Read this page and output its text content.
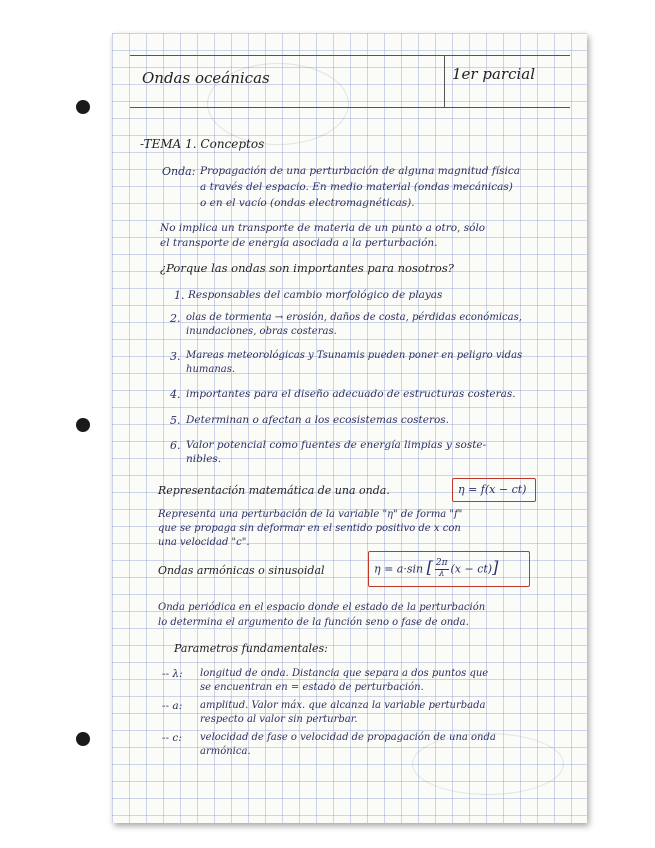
Ondas oceánicas	1er parcial
-TEMA 1. Conceptos
Onda: Propagación de una perturbación de alguna magnitud física
a través del espacio. En medio material (ondas mecánicas)
o en el vacío (ondas electromagnéticas).
No implica un transporte de materia de un punto a otro, sólo
el transporte de energía asociada a la perturbación.
¿Porque las ondas son importantes para nosotros?
1. Responsables del cambio morfológico de playas
2. olas de tormenta → erosión, daños de costa, pérdidas económicas,
inundaciones, obras costeras.
3. Mareas meteorológicas y Tsunamis pueden poner en peligro vidas
humanas.
4. importantes para el diseño adecuado de estructuras costeras.
5. Determinan o afectan a los ecosistemas costeros.
6. Valor potencial como fuentes de energía limpias y soste-
nibles.
Representación matemática de una onda.	η = f(x − ct)
Representa una perturbación de la variable "η" de forma "f"
que se propaga sin deformar en el sentido positivo de x con
una velocidad "c".
Ondas armónicas o sinusoidal	η = a·sin [ $\frac{2\pi}{\lambda} (x - ct)$]
Onda periódica en el espacio donde el estado de la perturbación
lo determina el argumento de la función seno o fase de onda.
Parametros fundamentales:
-- λ: longitud de onda. Distancia que separa a dos puntos que
se encuentran en = estado de perturbación.
-- a: amplitud. Valor máx. que alcanza la variable perturbada
respecto al valor sin perturbar.
-- c: velocidad de fase o velocidad de propagación de una onda
armónica.
